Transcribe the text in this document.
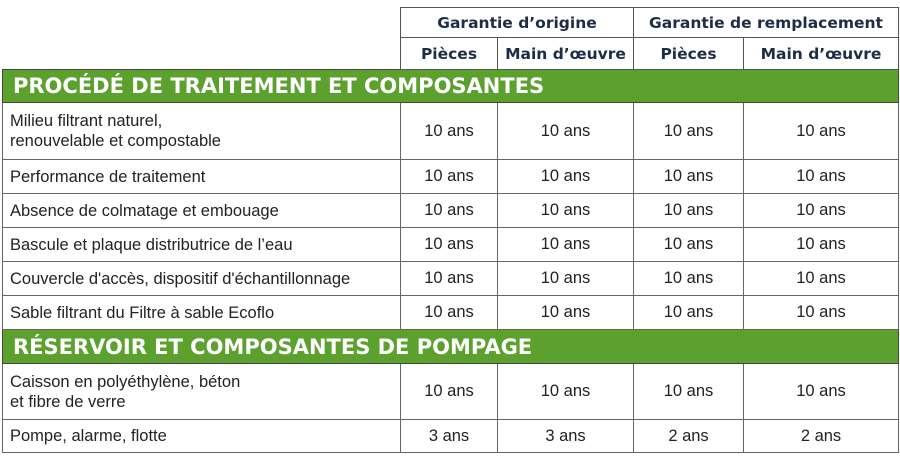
	Garantie d’origine		Garantie de remplacement	
	Pièces	Main d’œuvre	Pièces	Main d’œuvre
PROCÉDÉ DE TRAITEMENT ET COMPOSANTES				
Milieu filtrant naturel,
renouvelable et compostable	10 ans	10 ans	10 ans	10 ans
Performance de traitement	10 ans	10 ans	10 ans	10 ans
Absence de colmatage et embouage	10 ans	10 ans	10 ans	10 ans
Bascule et plaque distributrice de l’eau	10 ans	10 ans	10 ans	10 ans
Couvercle d'accès, dispositif d'échantillonnage	10 ans	10 ans	10 ans	10 ans
Sable filtrant du Filtre à sable Ecoflo	10 ans	10 ans	10 ans	10 ans
RÉSERVOIR ET COMPOSANTES DE POMPAGE				
Caisson en polyéthylène, béton
et fibre de verre	10 ans	10 ans	10 ans	10 ans
Pompe, alarme, flotte	3 ans	3 ans	2 ans	2 ans
